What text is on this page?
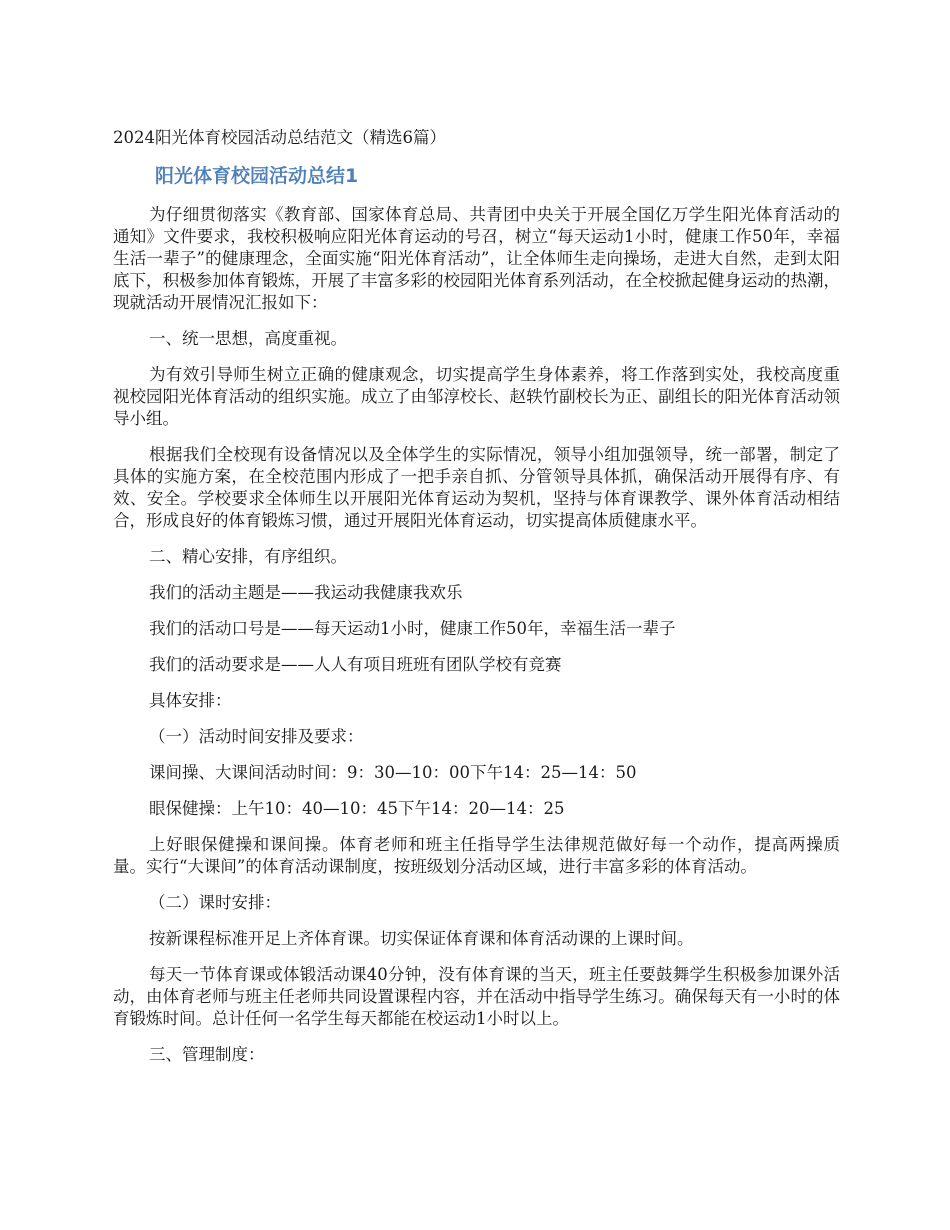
2024阳光体育校园活动总结范文（精选6篇）
阳光体育校园活动总结1

为仔细贯彻落实《教育部、国家体育总局、共青团中央关于开展全国亿万学生阳光体育活动的通知》文件要求，我校积极响应阳光体育运动的号召，树立“每天运动1小时，健康工作50年，幸福生活一辈子”的健康理念，全面实施“阳光体育活动”，让全体师生走向操场，走进大自然，走到太阳底下，积极参加体育锻炼，开展了丰富多彩的校园阳光体育系列活动，在全校掀起健身运动的热潮，现就活动开展情况汇报如下：

一、统一思想，高度重视。

为有效引导师生树立正确的健康观念，切实提高学生身体素养，将工作落到实处，我校高度重视校园阳光体育活动的组织实施。成立了由邹淳校长、赵轶竹副校长为正、副组长的阳光体育活动领导小组。

根据我们全校现有设备情况以及全体学生的实际情况，领导小组加强领导，统一部署，制定了具体的实施方案，在全校范围内形成了一把手亲自抓、分管领导具体抓，确保活动开展得有序、有效、安全。学校要求全体师生以开展阳光体育运动为契机，坚持与体育课教学、课外体育活动相结合，形成良好的体育锻炼习惯，通过开展阳光体育运动，切实提高体质健康水平。

二、精心安排，有序组织。

我们的活动主题是——我运动我健康我欢乐

我们的活动口号是——每天运动1小时，健康工作50年，幸福生活一辈子

我们的活动要求是——人人有项目班班有团队学校有竞赛

具体安排：

（一）活动时间安排及要求：

课间操、大课间活动时间：9：30—10：00下午14：25—14：50

眼保健操：上午10：40—10：45下午14：20—14：25

上好眼保健操和课间操。体育老师和班主任指导学生法律规范做好每一个动作，提高两操质量。实行“大课间”的体育活动课制度，按班级划分活动区域，进行丰富多彩的体育活动。

（二）课时安排：

按新课程标准开足上齐体育课。切实保证体育课和体育活动课的上课时间。

每天一节体育课或体锻活动课40分钟，没有体育课的当天，班主任要鼓舞学生积极参加课外活动，由体育老师与班主任老师共同设置课程内容，并在活动中指导学生练习。确保每天有一小时的体育锻炼时间。总计任何一名学生每天都能在校运动1小时以上。

三、管理制度：
